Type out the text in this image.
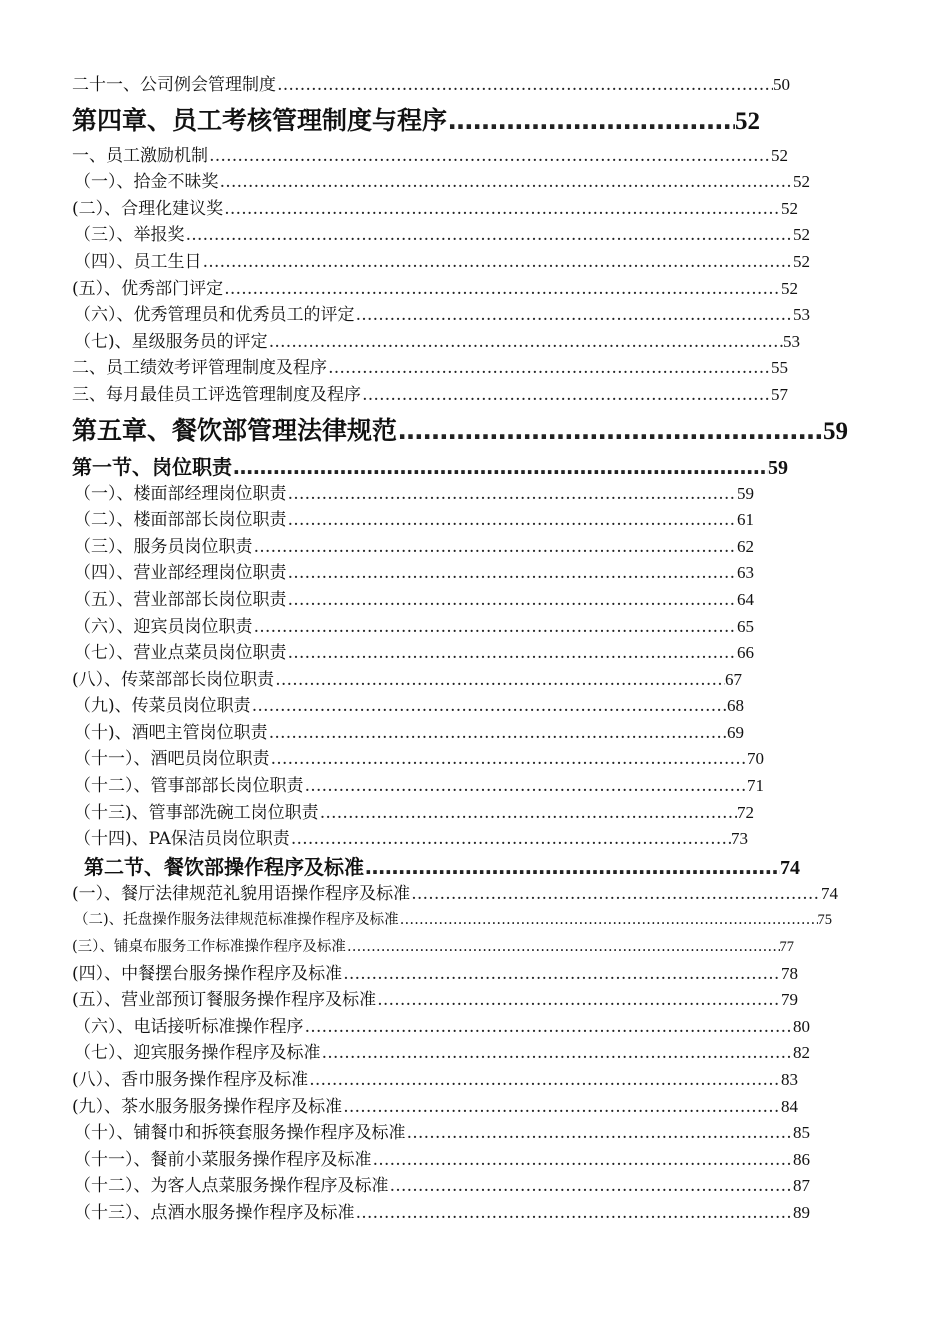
二十一、公司例会管理制度 …………………………………………………………………………………………………………………………………………………………………………………………………………………………………………………………………………	50
第四章、员工考核管理制度与程序 …………………………………………………………………………………………………………………………………………………………………………………………………………………………………………………………………………	52
一、员工激励机制 …………………………………………………………………………………………………………………………………………………………………………………………………………………………………………………………………………	52
（一）、拾金不昧奖 …………………………………………………………………………………………………………………………………………………………………………………………………………………………………………………………………………	52
(二）、合理化建议奖 …………………………………………………………………………………………………………………………………………………………………………………………………………………………………………………………………………	52
（三）、举报奖 …………………………………………………………………………………………………………………………………………………………………………………………………………………………………………………………………………	52
（四）、员工生日 …………………………………………………………………………………………………………………………………………………………………………………………………………………………………………………………………………	52
(五）、优秀部门评定 …………………………………………………………………………………………………………………………………………………………………………………………………………………………………………………………………………	52
（六）、优秀管理员和优秀员工的评定 …………………………………………………………………………………………………………………………………………………………………………………………………………………………………………………………………………	53
（七)、星级服务员的评定 …………………………………………………………………………………………………………………………………………………………………………………………………………………………………………………………………………	53
二、员工绩效考评管理制度及程序 …………………………………………………………………………………………………………………………………………………………………………………………………………………………………………………………………………	55
三、每月最佳员工评选管理制度及程序 …………………………………………………………………………………………………………………………………………………………………………………………………………………………………………………………………………	57
第五章、餐饮部管理法律规范 …………………………………………………………………………………………………………………………………………………………………………………………………………………………………………………………………………	59
第一节、岗位职责 …………………………………………………………………………………………………………………………………………………………………………………………………………………………………………………………………………	59
（一）、楼面部经理岗位职责 …………………………………………………………………………………………………………………………………………………………………………………………………………………………………………………………………………	59
（二）、楼面部部长岗位职责 …………………………………………………………………………………………………………………………………………………………………………………………………………………………………………………………………………	61
（三）、服务员岗位职责 …………………………………………………………………………………………………………………………………………………………………………………………………………………………………………………………………………	62
（四）、营业部经理岗位职责 …………………………………………………………………………………………………………………………………………………………………………………………………………………………………………………………………………	63
（五）、营业部部长岗位职责 …………………………………………………………………………………………………………………………………………………………………………………………………………………………………………………………………………	64
（六）、迎宾员岗位职责 …………………………………………………………………………………………………………………………………………………………………………………………………………………………………………………………………………	65
（七）、营业点菜员岗位职责 …………………………………………………………………………………………………………………………………………………………………………………………………………………………………………………………………………	66
(八）、传菜部部长岗位职责 …………………………………………………………………………………………………………………………………………………………………………………………………………………………………………………………………………	67
（九)、传菜员岗位职责 …………………………………………………………………………………………………………………………………………………………………………………………………………………………………………………………………………	68
（十)、酒吧主管岗位职责 …………………………………………………………………………………………………………………………………………………………………………………………………………………………………………………………………………	69
（十一）、酒吧员岗位职责 …………………………………………………………………………………………………………………………………………………………………………………………………………………………………………………………………………	70
（十二）、管事部部长岗位职责 …………………………………………………………………………………………………………………………………………………………………………………………………………………………………………………………………………	71
（十三)、管事部洗碗工岗位职责 …………………………………………………………………………………………………………………………………………………………………………………………………………………………………………………………………………	72
（十四)、PA保洁员岗位职责 …………………………………………………………………………………………………………………………………………………………………………………………………………………………………………………………………………	73
第二节、餐饮部操作程序及标准 …………………………………………………………………………………………………………………………………………………………………………………………………………………………………………………………………………	74
(一）、餐厅法律规范礼貌用语操作程序及标准 …………………………………………………………………………………………………………………………………………………………………………………………………………………………………………………………………………	74
（二)、托盘操作服务法律规范标准操作程序及标准 …………………………………………………………………………………………………………………………………………………………………………………………………………………………………………………………………………	75
(三）、铺桌布服务工作标准操作程序及标准 …………………………………………………………………………………………………………………………………………………………………………………………………………………………………………………………………………	77
(四）、中餐摆台服务操作程序及标准 …………………………………………………………………………………………………………………………………………………………………………………………………………………………………………………………………………	78
(五）、营业部预订餐服务操作程序及标准 …………………………………………………………………………………………………………………………………………………………………………………………………………………………………………………………………………	79
（六）、电话接听标准操作程序 …………………………………………………………………………………………………………………………………………………………………………………………………………………………………………………………………………	80
（七）、迎宾服务操作程序及标准 …………………………………………………………………………………………………………………………………………………………………………………………………………………………………………………………………………	82
(八）、香巾服务操作程序及标准 …………………………………………………………………………………………………………………………………………………………………………………………………………………………………………………………………………	83
(九）、茶水服务服务操作程序及标准 …………………………………………………………………………………………………………………………………………………………………………………………………………………………………………………………………………	84
（十）、铺餐巾和拆筷套服务操作程序及标准 …………………………………………………………………………………………………………………………………………………………………………………………………………………………………………………………………………	85
（十一）、餐前小菜服务操作程序及标准 …………………………………………………………………………………………………………………………………………………………………………………………………………………………………………………………………………	86
（十二）、为客人点菜服务操作程序及标准 …………………………………………………………………………………………………………………………………………………………………………………………………………………………………………………………………………	87
（十三）、点酒水服务操作程序及标准 …………………………………………………………………………………………………………………………………………………………………………………………………………………………………………………………………………	89
